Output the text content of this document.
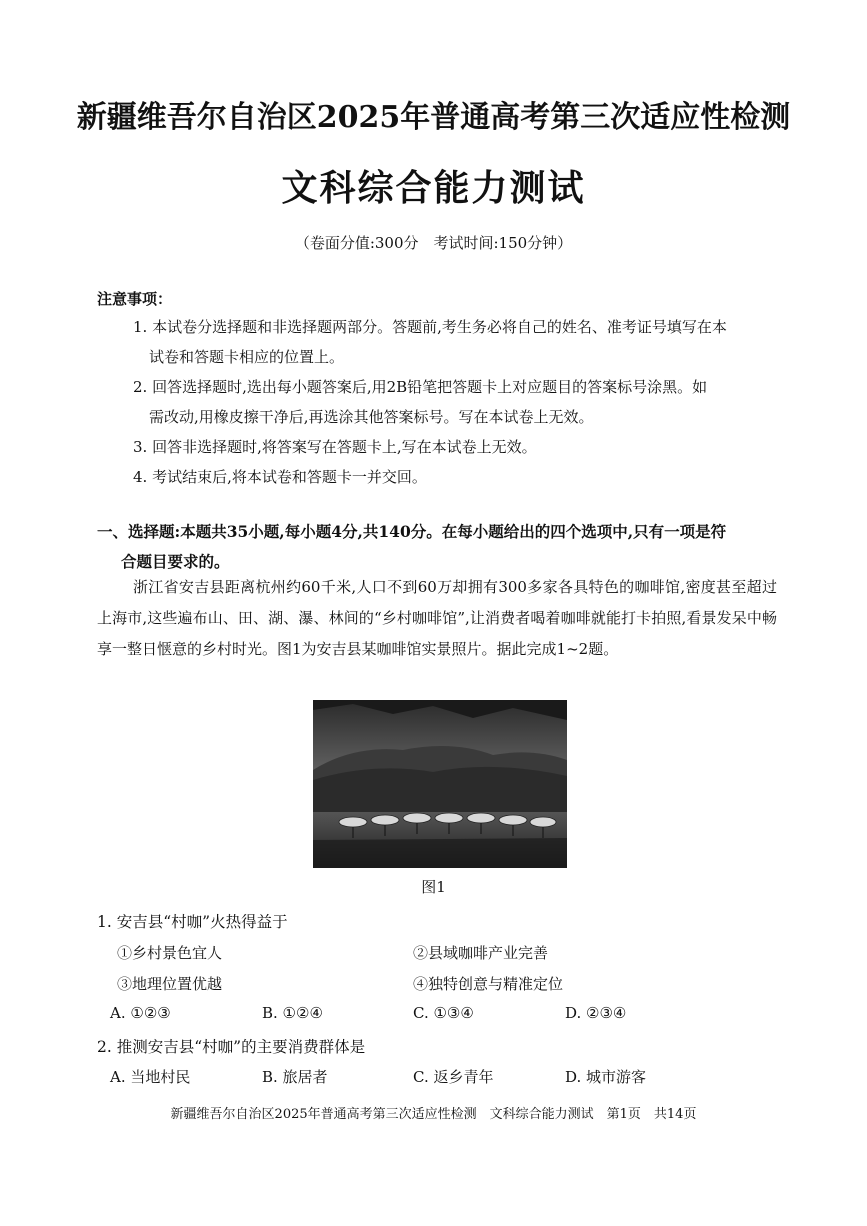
新疆维吾尔自治区2025年普通高考第三次适应性检测
文科综合能力测试
（卷面分值:300分　考试时间:150分钟）
注意事项：

1. 本试卷分选择题和非选择题两部分。答题前,考生务必将自己的姓名、准考证号填写在本
试卷和答题卡相应的位置上。

2. 回答选择题时,选出每小题答案后,用2B铅笔把答题卡上对应题目的答案标号涂黑。如
需改动,用橡皮擦干净后,再选涂其他答案标号。写在本试卷上无效。

3. 回答非选择题时,将答案写在答题卡上,写在本试卷上无效。

4. 考试结束后,将本试卷和答题卡一并交回。

一、选择题:本题共35小题,每小题4分,共140分。在每小题给出的四个选项中,只有一项是符
合题目要求的。
浙江省安吉县距离杭州约60千米,人口不到60万却拥有300多家各具特色的咖啡馆,密度甚至超过上海市,这些遍布山、田、湖、瀑、林间的“乡村咖啡馆”,让消费者喝着咖啡就能打卡拍照,看景发呆中畅享一整日惬意的乡村时光。图1为安吉县某咖啡馆实景照片。据此完成1~2题。
图1
1. 安吉县“村咖”火热得益于
①乡村景色宜人	②县域咖啡产业完善
③地理位置优越	④独特创意与精准定位
A. ①②③	B. ①②④	C. ①③④	D. ②③④
2. 推测安吉县“村咖”的主要消费群体是
A. 当地村民	B. 旅居者	C. 返乡青年	D. 城市游客
新疆维吾尔自治区2025年普通高考第三次适应性检测　文科综合能力测试　第1页　共14页
